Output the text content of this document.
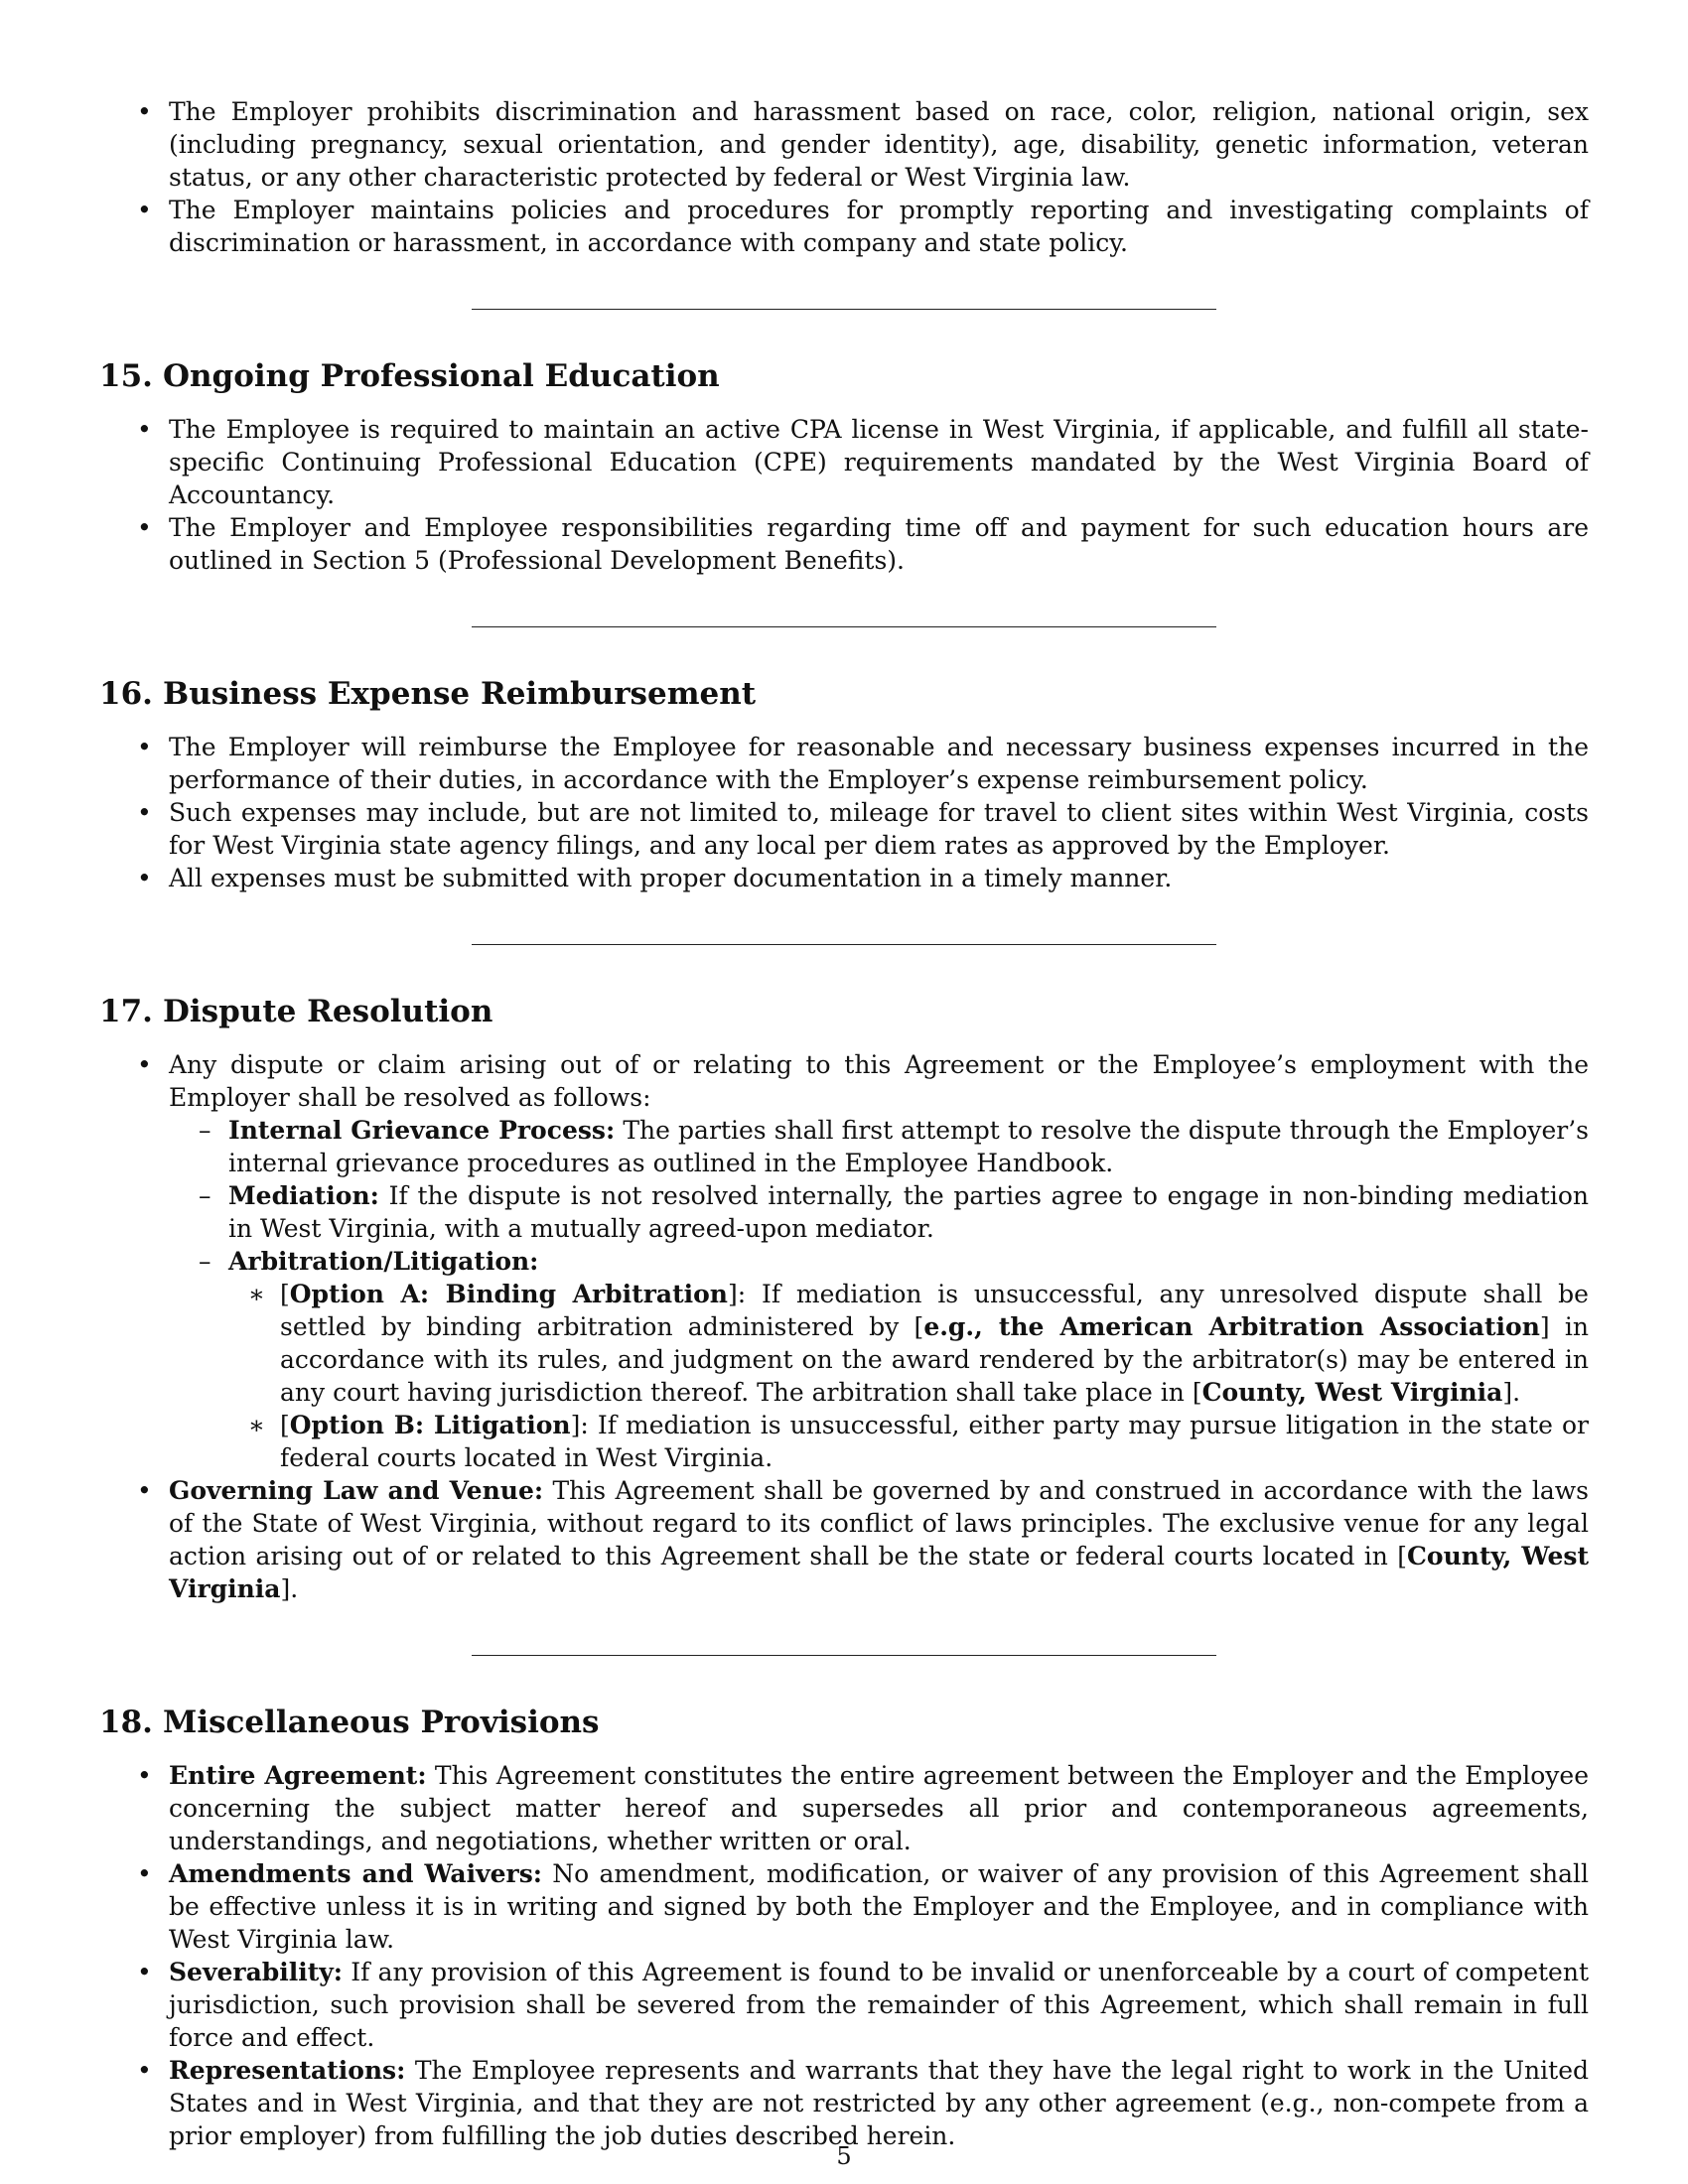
• The Employer prohibits discrimination and harassment based on race, color, religion, national origin, sex (including pregnancy, sexual orientation, and gender identity), age, disability, genetic information, veteran status, or any other characteristic protected by federal or West Virginia law.
• The Employer maintains policies and procedures for promptly reporting and investigating complaints of discrimination or harassment, in accordance with company and state policy.
15. Ongoing Professional Education
• The Employee is required to maintain an active CPA license in West Virginia, if applicable, and fulfill all state-specific Continuing Professional Education (CPE) requirements mandated by the West Virginia Board of Accountancy.
• The Employer and Employee responsibilities regarding time off and payment for such education hours are outlined in Section 5 (Professional Development Benefits).
16. Business Expense Reimbursement
• The Employer will reimburse the Employee for reasonable and necessary business expenses incurred in the performance of their duties, in accordance with the Employer’s expense reimbursement policy.
• Such expenses may include, but are not limited to, mileage for travel to client sites within West Virginia, costs for West Virginia state agency filings, and any local per diem rates as approved by the Employer.
• All expenses must be submitted with proper documentation in a timely manner.
17. Dispute Resolution
• Any dispute or claim arising out of or relating to this Agreement or the Employee’s employment with the Employer shall be resolved as follows:
– Internal Grievance Process: The parties shall first attempt to resolve the dispute through the Employer’s internal grievance procedures as outlined in the Employee Handbook.
– Mediation: If the dispute is not resolved internally, the parties agree to engage in non-binding mediation in West Virginia, with a mutually agreed-upon mediator.
– Arbitration/Litigation:
∗ [Option A: Binding Arbitration]: If mediation is unsuccessful, any unresolved dispute shall be settled by binding arbitration administered by [e.g., the American Arbitration Association] in accordance with its rules, and judgment on the award rendered by the arbitrator(s) may be entered in any court having jurisdiction thereof. The arbitration shall take place in [County, West Virginia].
∗ [Option B: Litigation]: If mediation is unsuccessful, either party may pursue litigation in the state or federal courts located in West Virginia.
• Governing Law and Venue: This Agreement shall be governed by and construed in accordance with the laws of the State of West Virginia, without regard to its conflict of laws principles. The exclusive venue for any legal action arising out of or related to this Agreement shall be the state or federal courts located in [County, West Virginia].
18. Miscellaneous Provisions
• Entire Agreement: This Agreement constitutes the entire agreement between the Employer and the Employee concerning the subject matter hereof and supersedes all prior and contemporaneous agreements, understandings, and negotiations, whether written or oral.
• Amendments and Waivers: No amendment, modification, or waiver of any provision of this Agreement shall be effective unless it is in writing and signed by both the Employer and the Employee, and in compliance with West Virginia law.
• Severability: If any provision of this Agreement is found to be invalid or unenforceable by a court of competent jurisdiction, such provision shall be severed from the remainder of this Agreement, which shall remain in full force and effect.
• Representations: The Employee represents and warrants that they have the legal right to work in the United States and in West Virginia, and that they are not restricted by any other agreement (e.g., non-compete from a prior employer) from fulfilling the job duties described herein.
5
